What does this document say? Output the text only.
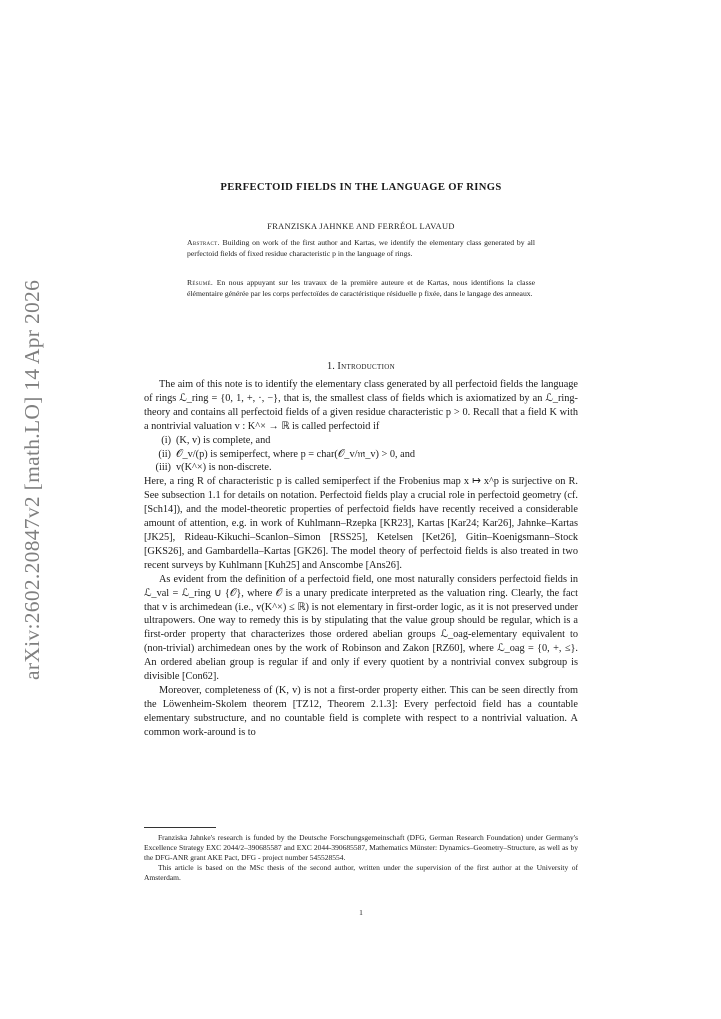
arXiv:2602.20847v2 [math.LO] 14 Apr 2026
PERFECTOID FIELDS IN THE LANGUAGE OF RINGS
FRANZISKA JAHNKE AND FERRÉOL LAVAUD
Abstract. Building on work of the first author and Kartas, we identify the elementary class generated by all perfectoid fields of fixed residue characteristic p in the language of rings.
Résumé. En nous appuyant sur les travaux de la première auteure et de Kartas, nous identifions la classe élémentaire générée par les corps perfectoïdes de caractéristique résiduelle p fixée, dans le langage des anneaux.
1. Introduction

The aim of this note is to identify the elementary class generated by all perfectoid fields the language of rings ℒ_ring = {0, 1, +, ·, −}, that is, the smallest class of fields which is axiomatized by an ℒ_ring-theory and contains all perfectoid fields of a given residue characteristic p > 0. Recall that a field K with a nontrivial valuation v : K^× → ℝ is called perfectoid if

(i) (K, v) is complete, and
(ii) 𝒪_v/(p) is semiperfect, where p = char(𝒪_v/𝔪_v) > 0, and
(iii) v(K^×) is non-discrete.

Here, a ring R of characteristic p is called semiperfect if the Frobenius map x ↦ x^p is surjective on R. See subsection 1.1 for details on notation. Perfectoid fields play a crucial role in perfectoid geometry (cf. [Sch14]), and the model-theoretic properties of perfectoid fields have recently received a considerable amount of attention, e.g. in work of Kuhlmann–Rzepka [KR23], Kartas [Kar24; Kar26], Jahnke–Kartas [JK25], Rideau-Kikuchi–Scanlon–Simon [RSS25], Ketelsen [Ket26], Gitin–Koenigsmann–Stock [GKS26], and Gambardella–Kartas [GK26]. The model theory of perfectoid fields is also treated in two recent surveys by Kuhlmann [Kuh25] and Anscombe [Ans26].

As evident from the definition of a perfectoid field, one most naturally considers perfectoid fields in ℒ_val = ℒ_ring ∪ {𝒪}, where 𝒪 is a unary predicate interpreted as the valuation ring. Clearly, the fact that v is archimedean (i.e., v(K^×) ≤ ℝ) is not elementary in first-order logic, as it is not preserved under ultrapowers. One way to remedy this is by stipulating that the value group should be regular, which is a first-order property that characterizes those ordered abelian groups ℒ_oag-elementary equivalent to (non-trivial) archimedean ones by the work of Robinson and Zakon [RZ60], where ℒ_oag = {0, +, ≤}. An ordered abelian group is regular if and only if every quotient by a nontrivial convex subgroup is divisible [Con62].

Moreover, completeness of (K, v) is not a first-order property either. This can be seen directly from the Löwenheim-Skolem theorem [TZ12, Theorem 2.1.3]: Every perfectoid field has a countable elementary substructure, and no countable field is complete with respect to a nontrivial valuation. A common work-around is to

Franziska Jahnke's research is funded by the Deutsche Forschungsgemeinschaft (DFG, German Research Foundation) under Germany's Excellence Strategy EXC 2044/2–390685587 and EXC 2044-390685587, Mathematics Münster: Dynamics–Geometry–Structure, as well as by the DFG-ANR grant AKE Pact, DFG - project number 545528554.

This article is based on the MSc thesis of the second author, written under the supervision of the first author at the University of Amsterdam.

1
